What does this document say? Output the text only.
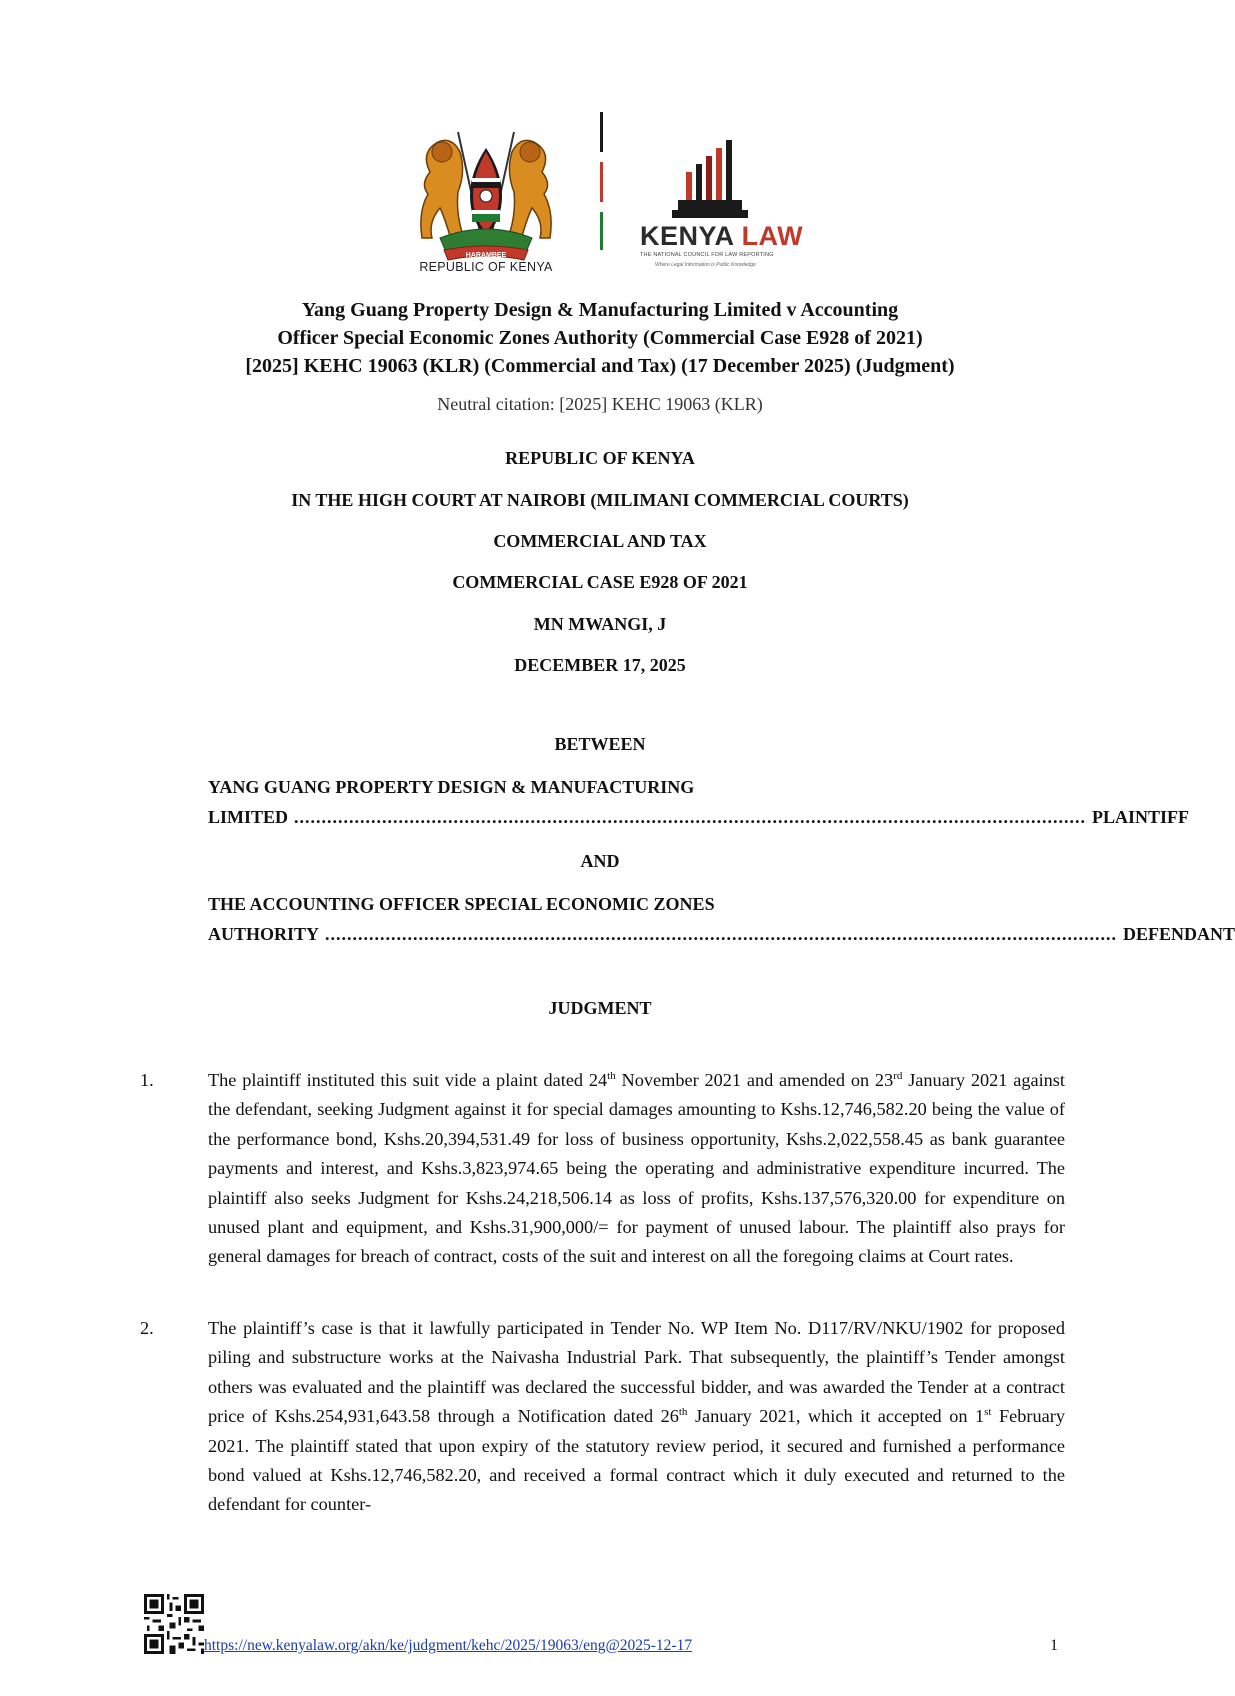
HARAMBEE
REPUBLIC OF KENYA
KENYA LAW
THE NATIONAL COUNCIL FOR LAW REPORTING
Where Legal Information is Public Knowledge
Yang Guang Property Design & Manufacturing Limited v Accounting
Officer Special Economic Zones Authority (Commercial Case E928 of 2021)
[2025] KEHC 19063 (KLR) (Commercial and Tax) (17 December 2025) (Judgment)
Neutral citation: [2025] KEHC 19063 (KLR)
REPUBLIC OF KENYA
IN THE HIGH COURT AT NAIROBI (MILIMANI COMMERCIAL COURTS)
COMMERCIAL AND TAX
COMMERCIAL CASE E928 OF 2021
MN MWANGI, J
DECEMBER 17, 2025
BETWEEN
YANG GUANG PROPERTY DESIGN & MANUFACTURING
LIMITED ................................................................................................................................................ PLAINTIFF
AND
THE ACCOUNTING OFFICER SPECIAL ECONOMIC ZONES
AUTHORITY ................................................................................................................................................ DEFENDANT
JUDGMENT
1.	The plaintiff instituted this suit vide a plaint dated 24th November 2021 and amended on 23rd January 2021 against the defendant, seeking Judgment against it for special damages amounting to Kshs.12,746,582.20 being the value of the performance bond, Kshs.20,394,531.49 for loss of business opportunity, Kshs.2,022,558.45 as bank guarantee payments and interest, and Kshs.3,823,974.65 being the operating and administrative expenditure incurred. The plaintiff also seeks Judgment for Kshs.24,218,506.14 as loss of profits, Kshs.137,576,320.00 for expenditure on unused plant and equipment, and Kshs.31,900,000/= for payment of unused labour. The plaintiff also prays for general damages for breach of contract, costs of the suit and interest on all the foregoing claims at Court rates.
2.	The plaintiff’s case is that it lawfully participated in Tender No. WP Item No. D117/RV/NKU/1902 for proposed piling and substructure works at the Naivasha Industrial Park. That subsequently, the plaintiff’s Tender amongst others was evaluated and the plaintiff was declared the successful bidder, and was awarded the Tender at a contract price of Kshs.254,931,643.58 through a Notification dated 26th January 2021, which it accepted on 1st February 2021. The plaintiff stated that upon expiry of the statutory review period, it secured and furnished a performance bond valued at Kshs.12,746,582.20, and received a formal contract which it duly executed and returned to the defendant for counter-
https://new.kenyalaw.org/akn/ke/judgment/kehc/2025/19063/eng@2025-12-17	1
